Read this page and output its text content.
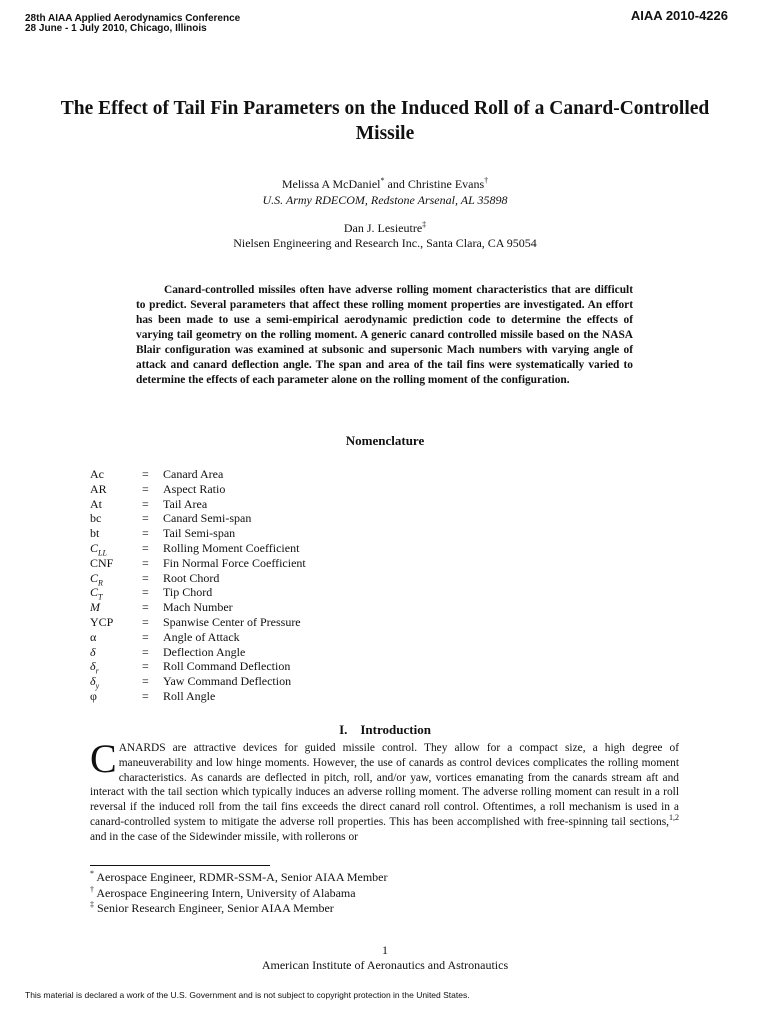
28th AIAA Applied Aerodynamics Conference
28 June - 1 July 2010, Chicago, Illinois
AIAA 2010-4226
The Effect of Tail Fin Parameters on the Induced Roll of a Canard-Controlled Missile
Melissa A McDaniel* and Christine Evans†
U.S. Army RDECOM, Redstone Arsenal, AL 35898
Dan J. Lesieutre‡
Nielsen Engineering and Research Inc., Santa Clara, CA 95054

Canard-controlled missiles often have adverse rolling moment characteristics that are difficult to predict. Several parameters that affect these rolling moment properties are investigated. An effort has been made to use a semi-empirical aerodynamic prediction code to determine the effects of varying tail geometry on the rolling moment. A generic canard controlled missile based on the NASA Blair configuration was examined at subsonic and supersonic Mach numbers with varying angle of attack and canard deflection angle. The span and area of the tail fins were systematically varied to determine the effects of each parameter alone on the rolling moment of the configuration.

Nomenclature
Ac	= Canard Area
AR	= Aspect Ratio
At	= Tail Area
bc	= Canard Semi-span
bt	= Tail Semi-span
$C_{LL}$	= Rolling Moment Coefficient
CNF = Fin Normal Force Coefficient
$C_R$	= Root Chord
$C_T$	= Tip Chord
M	= Mach Number
YCP = Spanwise Center of Pressure
α	= Angle of Attack
δ	= Deflection Angle
$\delta_r$	= Roll Command Deflection
$\delta_y$	= Yaw Command Deflection
φ	= Roll Angle
I. Introduction

CANARDS are attractive devices for guided missile control. They allow for a compact size, a high degree of maneuverability and low hinge moments. However, the use of canards as control devices complicates the rolling moment characteristics. As canards are deflected in pitch, roll, and/or yaw, vortices emanating from the canards stream aft and interact with the tail section which typically induces an adverse rolling moment. The adverse rolling moment can result in a roll reversal if the induced roll from the tail fins exceeds the direct canard roll control. Oftentimes, a roll mechanism is used in a canard-controlled system to mitigate the adverse roll properties. This has been accomplished with free-spinning tail sections,$^{1,2}$ and in the case of the Sidewinder missile, with rollerons or

* Aerospace Engineer, RDMR-SSM-A, Senior AIAA Member
† Aerospace Engineering Intern, University of Alabama
‡ Senior Research Engineer, Senior AIAA Member
1
American Institute of Aeronautics and Astronautics
This material is declared a work of the U.S. Government and is not subject to copyright protection in the United States.
